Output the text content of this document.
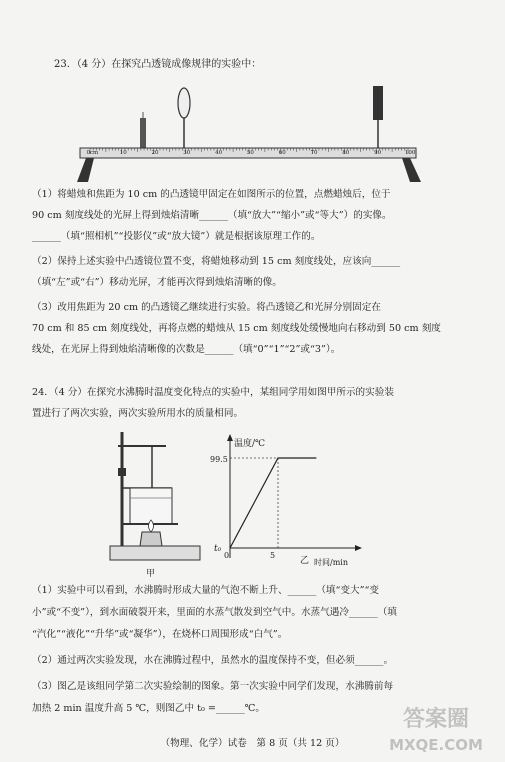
23．（4 分）在探究凸透镜成像规律的实验中：

0cm	10	20	30	40	50	60	70	80	90	100

（1）将蜡烛和焦距为 10 cm 的凸透镜甲固定在如图所示的位置，点燃蜡烛后，位于

90 cm 刻度线处的光屏上得到烛焰清晰______（填“放大”“缩小”或“等大”）的实像。

______（填“照相机”“投影仪”或“放大镜”）就是根据该原理工作的。

（2）保持上述实验中凸透镜位置不变，将蜡烛移动到 15 cm 刻度线处，应该向______

（填“左”或“右”）移动光屏，才能再次得到烛焰清晰的像。

（3）改用焦距为 20 cm 的凸透镜乙继续进行实验。将凸透镜乙和光屏分别固定在

70 cm 和 85 cm 刻度线处，再将点燃的蜡烛从 15 cm 刻度线处缓慢地向右移动到 50 cm 刻度

线处，在光屏上得到烛焰清晰像的次数是______（填“0”“1”“2”或“3”）。

24．（4 分）在探究水沸腾时温度变化特点的实验中，某组同学用如图甲所示的实验装

置进行了两次实验，两次实验所用水的质量相同。

甲
温度/℃
时间/min
99.5
t₀
0	5
乙

（1）实验中可以看到，水沸腾时形成大量的气泡不断上升、______（填“变大”“变

小”或“不变”），到水面破裂开来，里面的水蒸气散发到空气中。水蒸气遇冷______（填

“汽化”“液化”“升华”或“凝华”），在烧杯口周围形成“白气”。

（2）通过两次实验发现，水在沸腾过程中，虽然水的温度保持不变，但必须______。

（3）图乙是该组同学第二次实验绘制的图象。第一次实验中同学们发现，水沸腾前每

加热 2 min 温度升高 5 ℃，则图乙中 t₀ =______℃。

（物理、化学）试卷　第 8 页（共 12 页）
答案圈
MXQE.COM
